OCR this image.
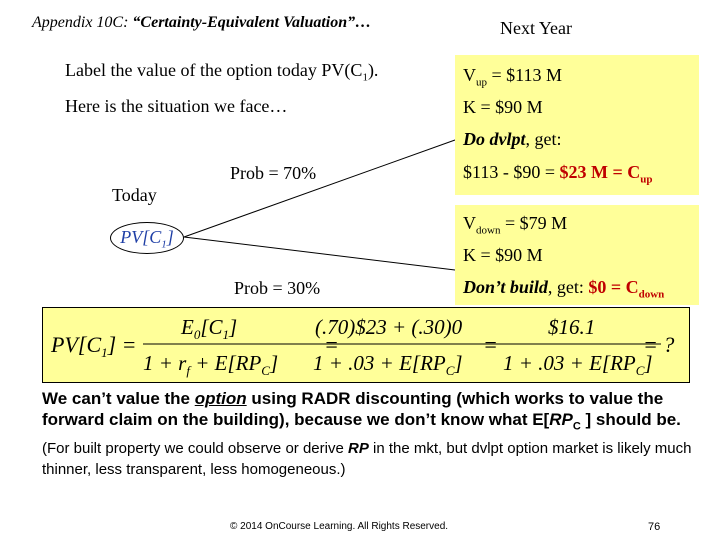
Appendix 10C: “Certainty-Equivalent Valuation”…	Next Year
Label the value of the option today $PV(C_1)$.
Here is the situation we face…
Prob = 70%
Today
$PV[C_1]$
Prob = 30%
$V_{up}$ = $113 M
K = $90 M
Do dvlpt, get:
$113 - $90 = $23 $M = C_{up}$
$V_{down}$ = $79 M
K = $90 M
Don’t build, get: $0 = $C_{down}$
$PV[C_1]$ =
$E_0[C_1]$
$1 + r_f + E[RP_C]$
=
(.70)$23 + (.30)0
$1 + .03 + E[RP_C]$
=
$16.1
$1 + .03 + E[RP_C]$
= ?
We can’t value the option using RADR discounting (which works to value the forward claim on the building), because we don’t know what $E[RP_C$ ] should be. (For built property we could observe or derive RP in the mkt, but dvlpt option market is likely much thinner, less transparent, less homogeneous.)
© 2014 OnCourse Learning. All Rights Reserved.	76
